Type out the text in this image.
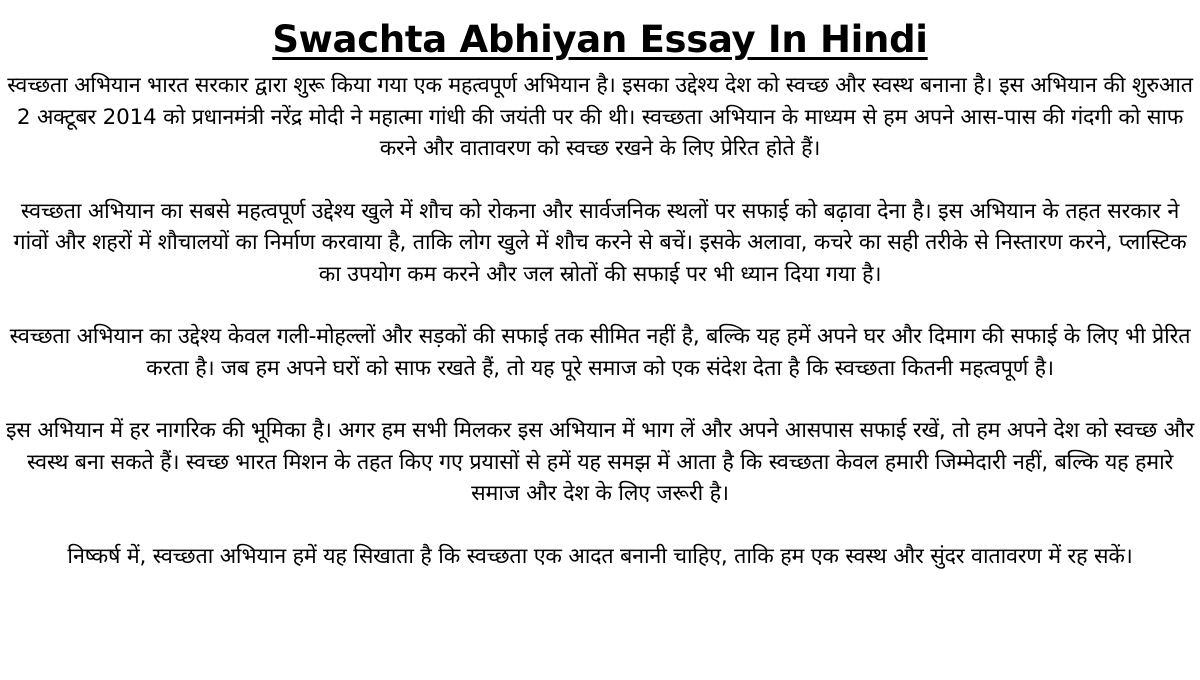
Swachta Abhiyan Essay In Hindi

स्वच्छता अभियान भारत सरकार द्वारा शुरू किया गया एक महत्वपूर्ण अभियान है। इसका उद्देश्य देश को स्वच्छ और स्वस्थ बनाना है। इस अभियान की शुरुआत 2 अक्टूबर 2014 को प्रधानमंत्री नरेंद्र मोदी ने महात्मा गांधी की जयंती पर की थी। स्वच्छता अभियान के माध्यम से हम अपने आस-पास की गंदगी को साफ करने और वातावरण को स्वच्छ रखने के लिए प्रेरित होते हैं।

स्वच्छता अभियान का सबसे महत्वपूर्ण उद्देश्य खुले में शौच को रोकना और सार्वजनिक स्थलों पर सफाई को बढ़ावा देना है। इस अभियान के तहत सरकार ने गांवों और शहरों में शौचालयों का निर्माण करवाया है, ताकि लोग खुले में शौच करने से बचें। इसके अलावा, कचरे का सही तरीके से निस्तारण करने, प्लास्टिक का उपयोग कम करने और जल स्रोतों की सफाई पर भी ध्यान दिया गया है।

स्वच्छता अभियान का उद्देश्य केवल गली-मोहल्लों और सड़कों की सफाई तक सीमित नहीं है, बल्कि यह हमें अपने घर और दिमाग की सफाई के लिए भी प्रेरित करता है। जब हम अपने घरों को साफ रखते हैं, तो यह पूरे समाज को एक संदेश देता है कि स्वच्छता कितनी महत्वपूर्ण है।

इस अभियान में हर नागरिक की भूमिका है। अगर हम सभी मिलकर इस अभियान में भाग लें और अपने आसपास सफाई रखें, तो हम अपने देश को स्वच्छ और स्वस्थ बना सकते हैं। स्वच्छ भारत मिशन के तहत किए गए प्रयासों से हमें यह समझ में आता है कि स्वच्छता केवल हमारी जिम्मेदारी नहीं, बल्कि यह हमारे समाज और देश के लिए जरूरी है।

निष्कर्ष में, स्वच्छता अभियान हमें यह सिखाता है कि स्वच्छता एक आदत बनानी चाहिए, ताकि हम एक स्वस्थ और सुंदर वातावरण में रह सकें।
